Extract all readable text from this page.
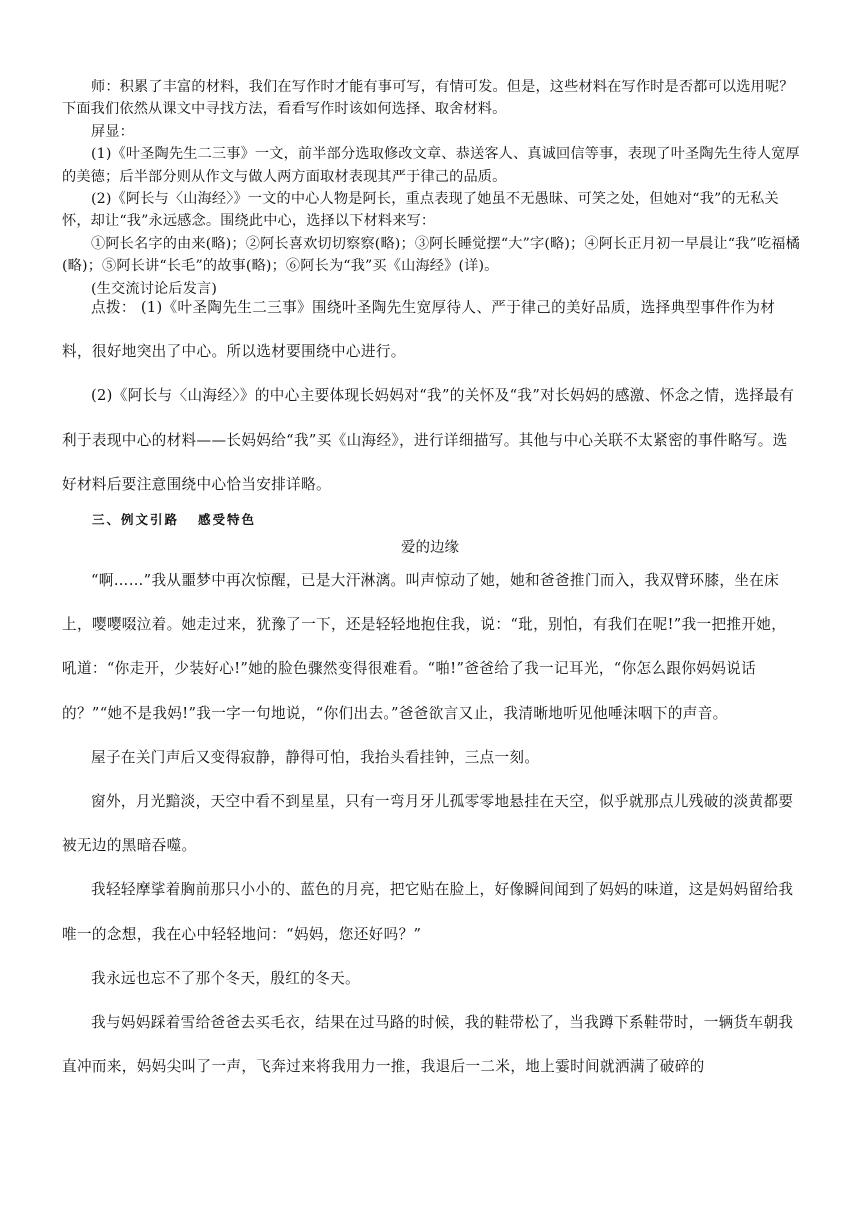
师：积累了丰富的材料，我们在写作时才能有事可写，有情可发。但是，这些材料在写作时是否都可以选用呢？下面我们依然从课文中寻找方法，看看写作时该如何选择、取舍材料。

屏显：

(1)《叶圣陶先生二三事》一文，前半部分选取修改文章、恭送客人、真诚回信等事，表现了叶圣陶先生待人宽厚的美德；后半部分则从作文与做人两方面取材表现其严于律己的品质。

(2)《阿长与〈山海经〉》一文的中心人物是阿长，重点表现了她虽不无愚昧、可笑之处，但她对“我”的无私关怀，却让“我”永远感念。围绕此中心，选择以下材料来写：

①阿长名字的由来(略)；②阿长喜欢切切察察(略)；③阿长睡觉摆“大”字(略)；④阿长正月初一早晨让“我”吃福橘(略)；⑤阿长讲“长毛”的故事(略)；⑥阿长为“我”买《山海经》(详)。

(生交流讨论后发言)

点拨： (1)《叶圣陶先生二三事》围绕叶圣陶先生宽厚待人、严于律己的美好品质，选择典型事件作为材料，很好地突出了中心。所以选材要围绕中心进行。

(2)《阿长与〈山海经〉》的中心主要体现长妈妈对“我”的关怀及“我”对长妈妈的感激、怀念之情，选择最有利于表现中心的材料——长妈妈给“我”买《山海经》，进行详细描写。其他与中心关联不太紧密的事件略写。选好材料后要注意围绕中心恰当安排详略。

三、例文引路   感受特色
爱的边缘

“啊……”我从噩梦中再次惊醒，已是大汗淋漓。叫声惊动了她，她和爸爸推门而入，我双臂环膝，坐在床上，嘤嘤啜泣着。她走过来，犹豫了一下，还是轻轻地抱住我，说：“玭，别怕，有我们在呢!”我一把推开她，吼道：“你走开，少装好心!”她的脸色骤然变得很难看。“啪!”爸爸给了我一记耳光，“你怎么跟你妈妈说话的？”“她不是我妈!”我一字一句地说，“你们出去。”爸爸欲言又止，我清晰地听见他唾沫咽下的声音。

屋子在关门声后又变得寂静，静得可怕，我抬头看挂钟，三点一刻。

窗外，月光黯淡，天空中看不到星星，只有一弯月牙儿孤零零地悬挂在天空，似乎就那点儿残破的淡黄都要被无边的黑暗吞噬。

我轻轻摩挲着胸前那只小小的、蓝色的月亮，把它贴在脸上，好像瞬间闻到了妈妈的味道，这是妈妈留给我唯一的念想，我在心中轻轻地问：“妈妈，您还好吗？”

我永远也忘不了那个冬天，殷红的冬天。

我与妈妈踩着雪给爸爸去买毛衣，结果在过马路的时候，我的鞋带松了，当我蹲下系鞋带时，一辆货车朝我直冲而来，妈妈尖叫了一声，飞奔过来将我用力一推，我退后一二米，地上霎时间就洒满了破碎的
